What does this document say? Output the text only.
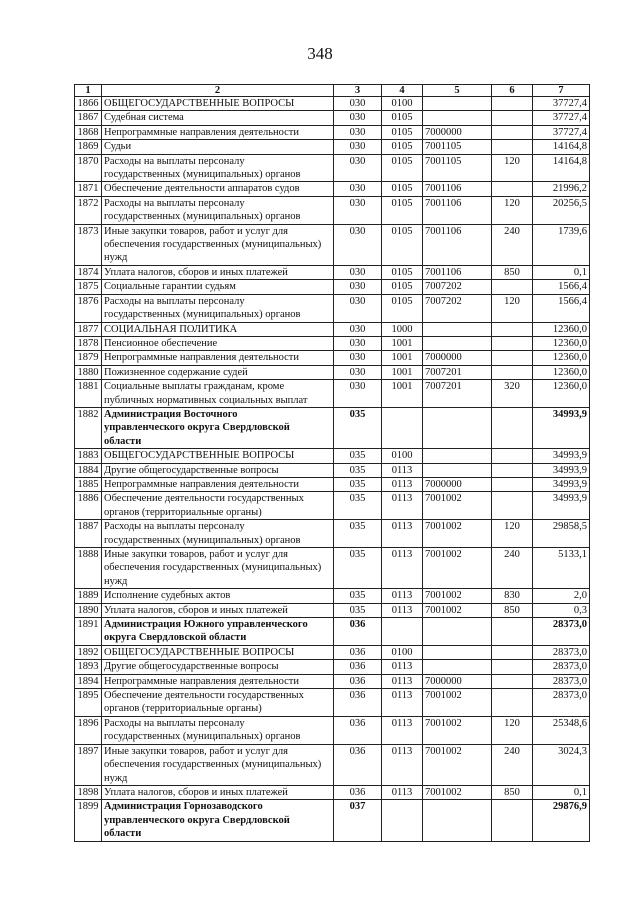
348
1	2	3	4	5	6	7
1866	ОБЩЕГОСУДАРСТВЕННЫЕ ВОПРОСЫ	030	0100			37727,4
1867	Судебная система	030	0105			37727,4
1868	Непрограммные направления деятельности	030	0105	7000000		37727,4
1869	Судьи	030	0105	7001105		14164,8
1870	Расходы на выплаты персоналу
государственных (муниципальных) органов	030	0105	7001105	120	14164,8
1871	Обеспечение деятельности аппаратов судов	030	0105	7001106		21996,2
1872	Расходы на выплаты персоналу
государственных (муниципальных) органов	030	0105	7001106	120	20256,5
1873	Иные закупки товаров, работ и услуг для
обеспечения государственных (муниципальных)
нужд	030	0105	7001106	240	1739,6
1874	Уплата налогов, сборов и иных платежей	030	0105	7001106	850	0,1
1875	Социальные гарантии судьям	030	0105	7007202		1566,4
1876	Расходы на выплаты персоналу
государственных (муниципальных) органов	030	0105	7007202	120	1566,4
1877	СОЦИАЛЬНАЯ ПОЛИТИКА	030	1000			12360,0
1878	Пенсионное обеспечение	030	1001			12360,0
1879	Непрограммные направления деятельности	030	1001	7000000		12360,0
1880	Пожизненное содержание судей	030	1001	7007201		12360,0
1881	Социальные выплаты гражданам, кроме
публичных нормативных социальных выплат	030	1001	7007201	320	12360,0
1882	Администрация Восточного
управленческого округа Свердловской
области	035				34993,9
1883	ОБЩЕГОСУДАРСТВЕННЫЕ ВОПРОСЫ	035	0100			34993,9
1884	Другие общегосударственные вопросы	035	0113			34993,9
1885	Непрограммные направления деятельности	035	0113	7000000		34993,9
1886	Обеспечение деятельности государственных
органов (территориальные органы)	035	0113	7001002		34993,9
1887	Расходы на выплаты персоналу
государственных (муниципальных) органов	035	0113	7001002	120	29858,5
1888	Иные закупки товаров, работ и услуг для
обеспечения государственных (муниципальных)
нужд	035	0113	7001002	240	5133,1
1889	Исполнение судебных актов	035	0113	7001002	830	2,0
1890	Уплата налогов, сборов и иных платежей	035	0113	7001002	850	0,3
1891	Администрация Южного управленческого
округа Свердловской области	036				28373,0
1892	ОБЩЕГОСУДАРСТВЕННЫЕ ВОПРОСЫ	036	0100			28373,0
1893	Другие общегосударственные вопросы	036	0113			28373,0
1894	Непрограммные направления деятельности	036	0113	7000000		28373,0
1895	Обеспечение деятельности государственных
органов (территориальные органы)	036	0113	7001002		28373,0
1896	Расходы на выплаты персоналу
государственных (муниципальных) органов	036	0113	7001002	120	25348,6
1897	Иные закупки товаров, работ и услуг для
обеспечения государственных (муниципальных)
нужд	036	0113	7001002	240	3024,3
1898	Уплата налогов, сборов и иных платежей	036	0113	7001002	850	0,1
1899	Администрация Горнозаводского
управленческого округа Свердловской
области	037				29876,9
